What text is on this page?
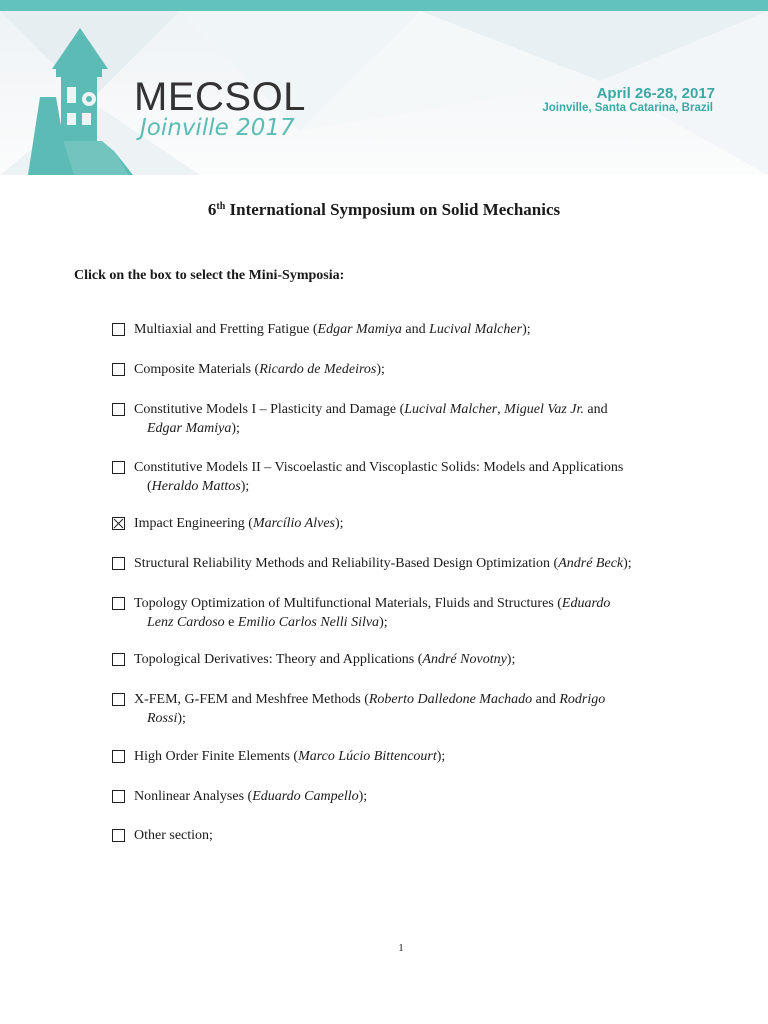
MECSOL
Joinville 2017
April 26-28, 2017
Joinville, Santa Catarina, Brazil
6th International Symposium on Solid Mechanics
Click on the box to select the Mini-Symposia:
Multiaxial and Fretting Fatigue (Edgar Mamiya and Lucival Malcher);
Composite Materials (Ricardo de Medeiros);
Constitutive Models I – Plasticity and Damage (Lucival Malcher, Miguel Vaz Jr. and
Edgar Mamiya);
Constitutive Models II – Viscoelastic and Viscoplastic Solids: Models and Applications
(Heraldo Mattos);
Impact Engineering (Marcílio Alves);
Structural Reliability Methods and Reliability-Based Design Optimization (André Beck);
Topology Optimization of Multifunctional Materials, Fluids and Structures (Eduardo
Lenz Cardoso e Emilio Carlos Nelli Silva);
Topological Derivatives: Theory and Applications (André Novotny);
X-FEM, G-FEM and Meshfree Methods (Roberto Dalledone Machado and Rodrigo
Rossi);
High Order Finite Elements (Marco Lúcio Bittencourt);
Nonlinear Analyses (Eduardo Campello);
Other section;
1
